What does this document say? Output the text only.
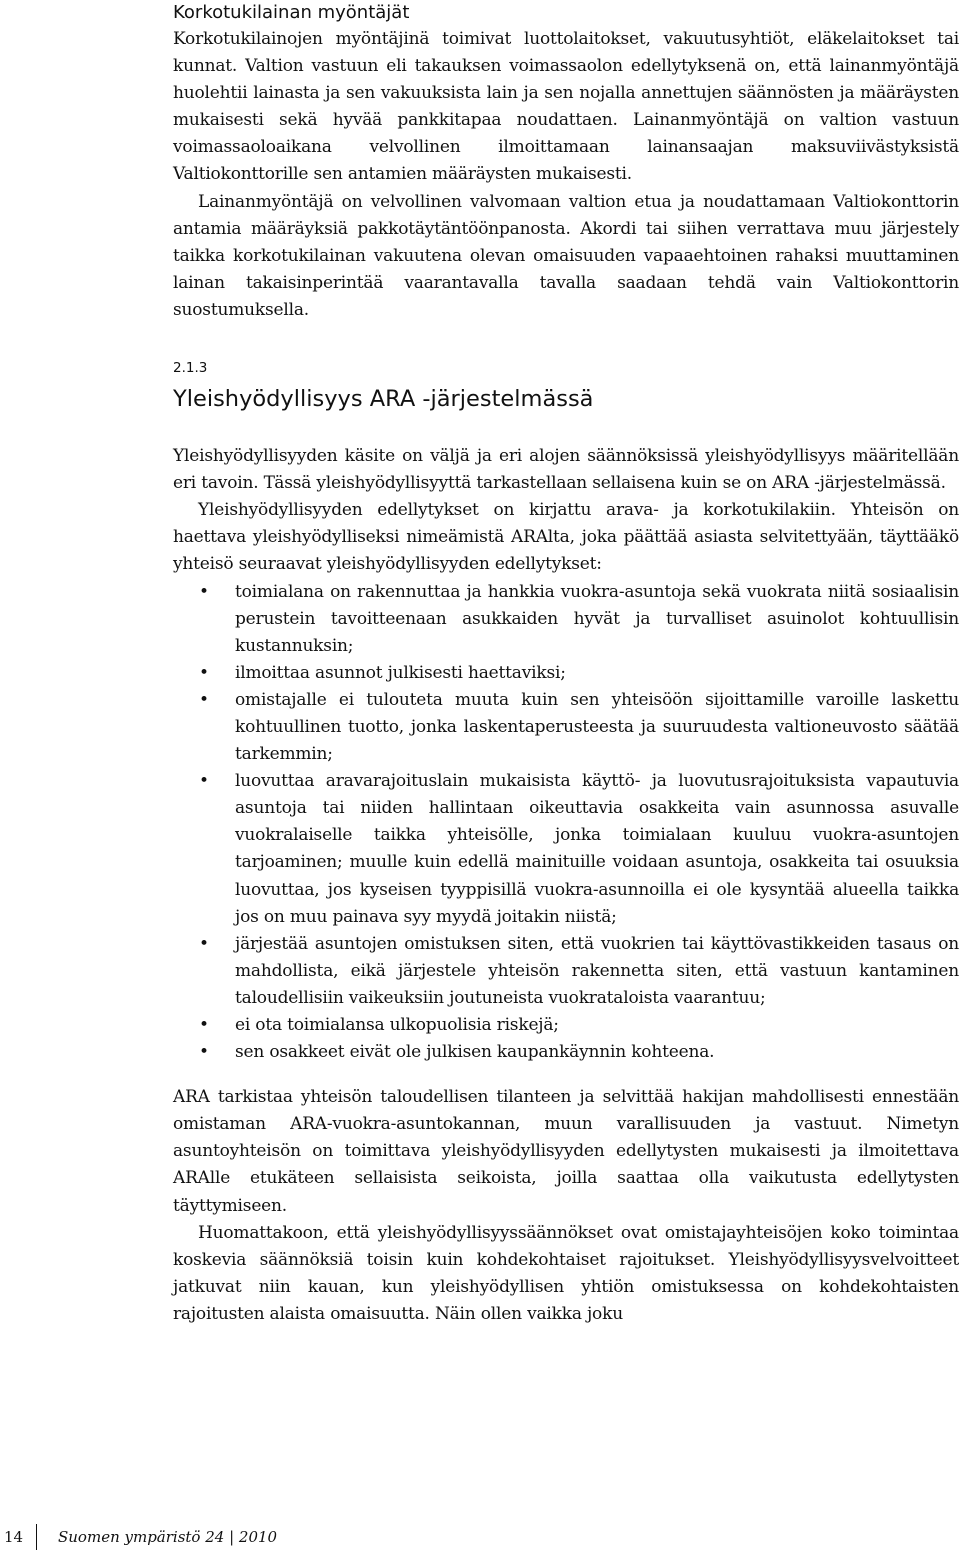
Korkotukilainan myöntäjät

Korkotukilainojen myöntäjinä toimivat luottolaitokset, vakuutusyhtiöt, eläkelaitokset tai kunnat. Valtion vastuun eli takauksen voimassaolon edellytyksenä on, että lainanmyöntäjä huolehtii lainasta ja sen vakuuksista lain ja sen nojalla annettujen säännösten ja määräysten mukaisesti sekä hyvää pankkitapaa noudattaen. Lainanmyöntäjä on valtion vastuun voimassaoloaikana velvollinen ilmoittamaan lainansaajan maksuviivästyksistä Valtiokonttorille sen antamien määräysten mukaisesti.

Lainanmyöntäjä on velvollinen valvomaan valtion etua ja noudattamaan Valtiokonttorin antamia määräyksiä pakkotäytäntöönpanosta. Akordi tai siihen verrattava muu järjestely taikka korkotukilainan vakuutena olevan omaisuuden vapaaehtoinen rahaksi muuttaminen lainan takaisinperintää vaarantavalla tavalla saadaan tehdä vain Valtiokonttorin suostumuksella.

2.1.3
Yleishyödyllisyys ARA -järjestelmässä

Yleishyödyllisyyden käsite on väljä ja eri alojen säännöksissä yleishyödyllisyys määritellään eri tavoin. Tässä yleishyödyllisyyttä tarkastellaan sellaisena kuin se on ARA -järjestelmässä.

Yleishyödyllisyyden edellytykset on kirjattu arava- ja korkotukilakiin. Yhteisön on haettava yleishyödylliseksi nimeämistä ARAlta, joka päättää asiasta selvitettyään, täyttääkö yhteisö seuraavat yleishyödyllisyyden edellytykset:

• toimialana on rakennuttaa ja hankkia vuokra-asuntoja sekä vuokrata niitä sosiaalisin perustein tavoitteenaan asukkaiden hyvät ja turvalliset asuinolot kohtuullisin kustannuksin;

• ilmoittaa asunnot julkisesti haettaviksi;

• omistajalle ei tulouteta muuta kuin sen yhteisöön sijoittamille varoille laskettu kohtuullinen tuotto, jonka laskentaperusteesta ja suuruudesta valtioneuvosto säätää tarkemmin;

• luovuttaa aravarajoituslain mukaisista käyttö- ja luovutusrajoituksista vapautuvia asuntoja tai niiden hallintaan oikeuttavia osakkeita vain asunnossa asuvalle vuokralaiselle taikka yhteisölle, jonka toimialaan kuuluu vuokra-asuntojen tarjoaminen; muulle kuin edellä mainituille voidaan asuntoja, osakkeita tai osuuksia luovuttaa, jos kyseisen tyyppisillä vuokra-asunnoilla ei ole kysyntää alueella taikka jos on muu painava syy myydä joitakin niistä;

• järjestää asuntojen omistuksen siten, että vuokrien tai käyttövastikkeiden tasaus on mahdollista, eikä järjestele yhteisön rakennetta siten, että vastuun kantaminen taloudellisiin vaikeuksiin joutuneista vuokrataloista vaarantuu;

• ei ota toimialansa ulkopuolisia riskejä;

• sen osakkeet eivät ole julkisen kaupankäynnin kohteena.

ARA tarkistaa yhteisön taloudellisen tilanteen ja selvittää hakijan mahdollisesti ennestään omistaman ARA-vuokra-asuntokannan, muun varallisuuden ja vastuut. Nimetyn asuntoyhteisön on toimittava yleishyödyllisyyden edellytysten mukaisesti ja ilmoitettava ARAlle etukäteen sellaisista seikoista, joilla saattaa olla vaikutusta edellytysten täyttymiseen.

Huomattakoon, että yleishyödyllisyyssäännökset ovat omistajayhteisöjen koko toimintaa koskevia säännöksiä toisin kuin kohdekohtaiset rajoitukset. Yleishyödyllisyysvelvoitteet jatkuvat niin kauan, kun yleishyödyllisen yhtiön omistuksessa on kohdekohtaisten rajoitusten alaista omaisuutta. Näin ollen vaikka joku

14 Suomen ympäristö 24 | 2010
